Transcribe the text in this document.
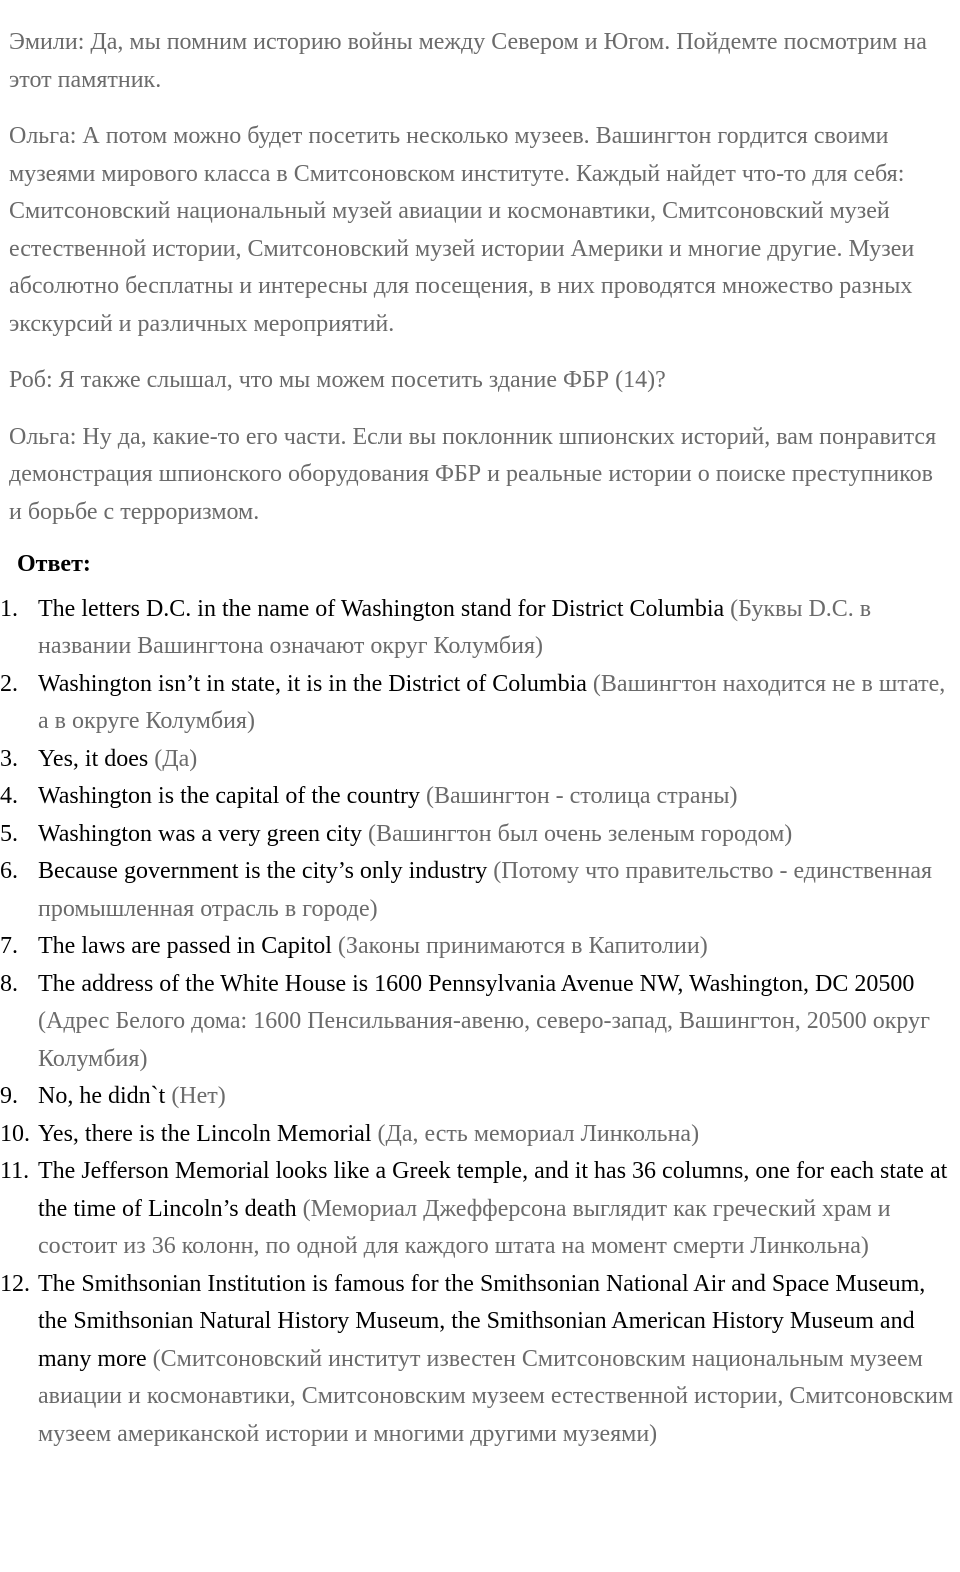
Эмили: Да, мы помним историю войны между Севером и Югом. Пойдемте посмотрим на этот памятник.

Ольга: А потом можно будет посетить несколько музеев. Вашингтон гордится своими музеями мирового класса в Смитсоновском институте. Каждый найдет что-то для себя: Смитсоновский национальный музей авиации и космонавтики, Смитсоновский музей естественной истории, Смитсоновский музей истории Америки и многие другие. Музеи абсолютно бесплатны и интересны для посещения, в них проводятся множество разных экскурсий и различных мероприятий.

Роб: Я также слышал, что мы можем посетить здание ФБР (14)?

Ольга: Ну да, какие-то его части. Если вы поклонник шпионских историй, вам понравится демонстрация шпионского оборудования ФБР и реальные истории о поиске преступников и борьбе с терроризмом.

Ответ:
1. The letters D.C. in the name of Washington stand for District Columbia (Буквы D.C. в названии Вашингтона означают округ Колумбия)
2. Washington isn’t in state, it is in the District of Columbia (Вашингтон находится не в штате, а в округе Колумбия)
3. Yes, it does (Да)
4. Washington is the capital of the country (Вашингтон - столица страны)
5. Washington was a very green city (Вашингтон был очень зеленым городом)
6. Because government is the city’s only industry (Потому что правительство - единственная промышленная отрасль в городе)
7. The laws are passed in Capitol (Законы принимаются в Капитолии)
8. The address of the White House is 1600 Pennsylvania Avenue NW, Washington, DC 20500 (Адрес Белого дома: 1600 Пенсильвания-авеню, северо-запад, Вашингтон, 20500 округ Колумбия)
9. No, he didn`t (Нет)
10. Yes, there is the Lincoln Memorial (Да, есть мемориал Линкольна)
11. The Jefferson Memorial looks like a Greek temple, and it has 36 columns, one for each state at the time of Lincoln’s death (Мемориал Джефферсона выглядит как греческий храм и состоит из 36 колонн, по одной для каждого штата на момент смерти Линкольна)
12. The Smithsonian Institution is famous for the Smithsonian National Air and Space Museum, the Smithsonian Natural History Museum, the Smithsonian American History Museum and many more (Смитсоновский институт известен Смитсоновским национальным музеем авиации и космонавтики, Смитсоновским музеем естественной истории, Смитсоновским музеем американской истории и многими другими музеями)
